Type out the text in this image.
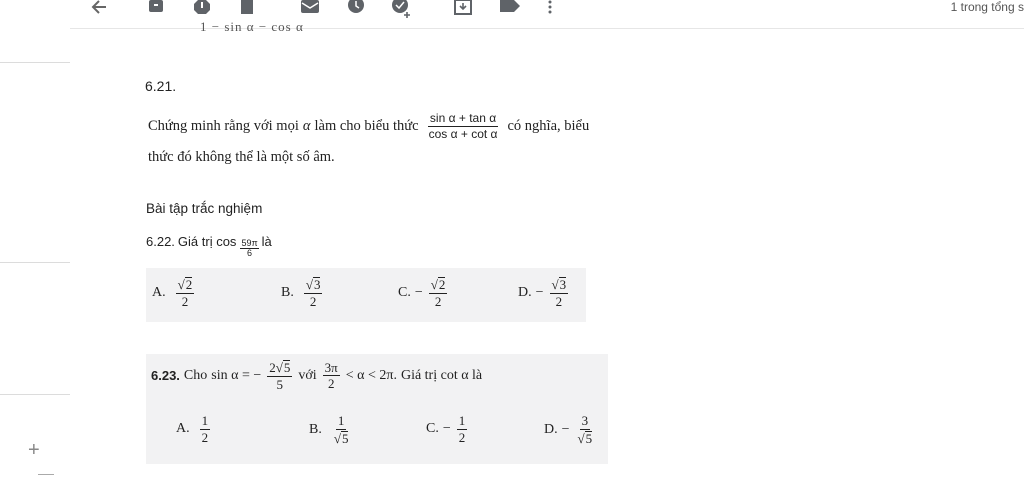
1 trong tổng s
1 − sin α − cos α
+
6.21.
Chứng minh rằng với mọi α làm cho biểu thức $\frac{\text{sin α + tan α}}{\text{cos α + cot α}}$ có nghĩa, biểu
thức đó không thể là một số âm.
Bài tập trắc nghiệm
6.22. Giá trị $\cos \frac{59\pi}{6}$ là
A. $\frac{√ 2}{2}$	B. $\frac{√ 3}{2}$	C. − $\frac{√ 2}{2}$	D. − $\frac{√ 3}{2}$
6.23. Cho sin α = − $\frac{2 √ 5}{5}$ với $\frac{3\pi}{2} < \alpha < 2\pi$. Giá trị cot α là
A. $\frac{1}{2}$	B. $\frac{1}{√ 5}$	C. − $\frac{1}{2}$	D. − $\frac{3}{√ 5}$
